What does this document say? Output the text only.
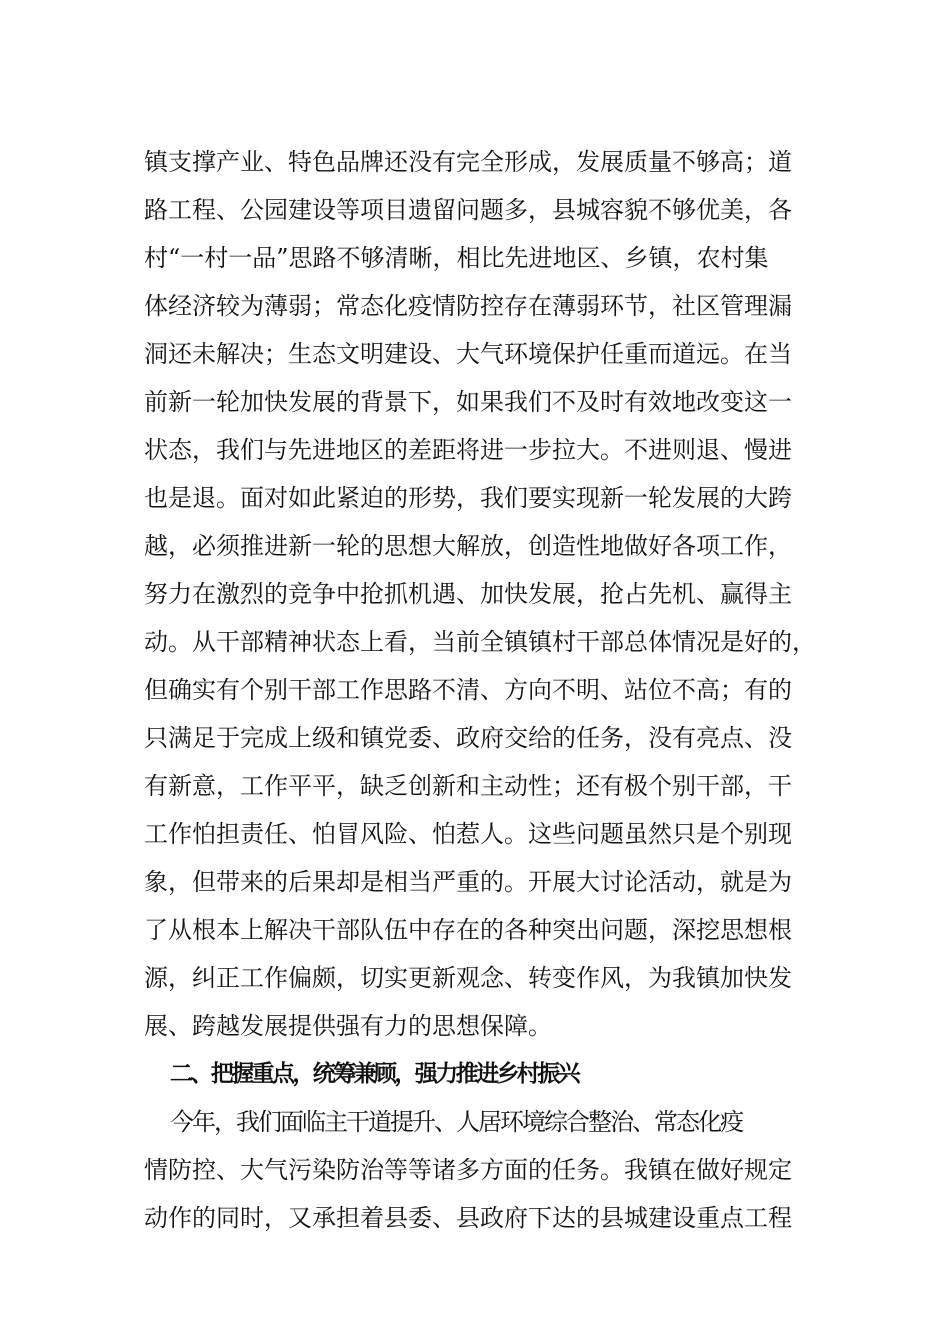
镇支撑产业、特色品牌还没有完全形成，发展质量不够高；道
路工程、公园建设等项目遗留问题多，县城容貌不够优美，各
村“一村一品”思路不够清晰，相比先进地区、乡镇，农村集
体经济较为薄弱；常态化疫情防控存在薄弱环节，社区管理漏
洞还未解决；生态文明建设、大气环境保护任重而道远。在当
前新一轮加快发展的背景下，如果我们不及时有效地改变这一
状态，我们与先进地区的差距将进一步拉大。不进则退、慢进
也是退。面对如此紧迫的形势，我们要实现新一轮发展的大跨
越，必须推进新一轮的思想大解放，创造性地做好各项工作，
努力在激烈的竞争中抢抓机遇、加快发展，抢占先机、赢得主
动。从干部精神状态上看，当前全镇镇村干部总体情况是好的，
但确实有个别干部工作思路不清、方向不明、站位不高；有的
只满足于完成上级和镇党委、政府交给的任务，没有亮点、没
有新意，工作平平，缺乏创新和主动性；还有极个别干部，干
工作怕担责任、怕冒风险、怕惹人。这些问题虽然只是个别现
象，但带来的后果却是相当严重的。开展大讨论活动，就是为
了从根本上解决干部队伍中存在的各种突出问题，深挖思想根
源，纠正工作偏颇，切实更新观念、转变作风，为我镇加快发
展、跨越发展提供强有力的思想保障。
二、把握重点，统筹兼顾，强力推进乡村振兴
今年，我们面临主干道提升、人居环境综合整治、常态化疫
情防控、大气污染防治等等诸多方面的任务。我镇在做好规定
动作的同时，又承担着县委、县政府下达的县城建设重点工程
